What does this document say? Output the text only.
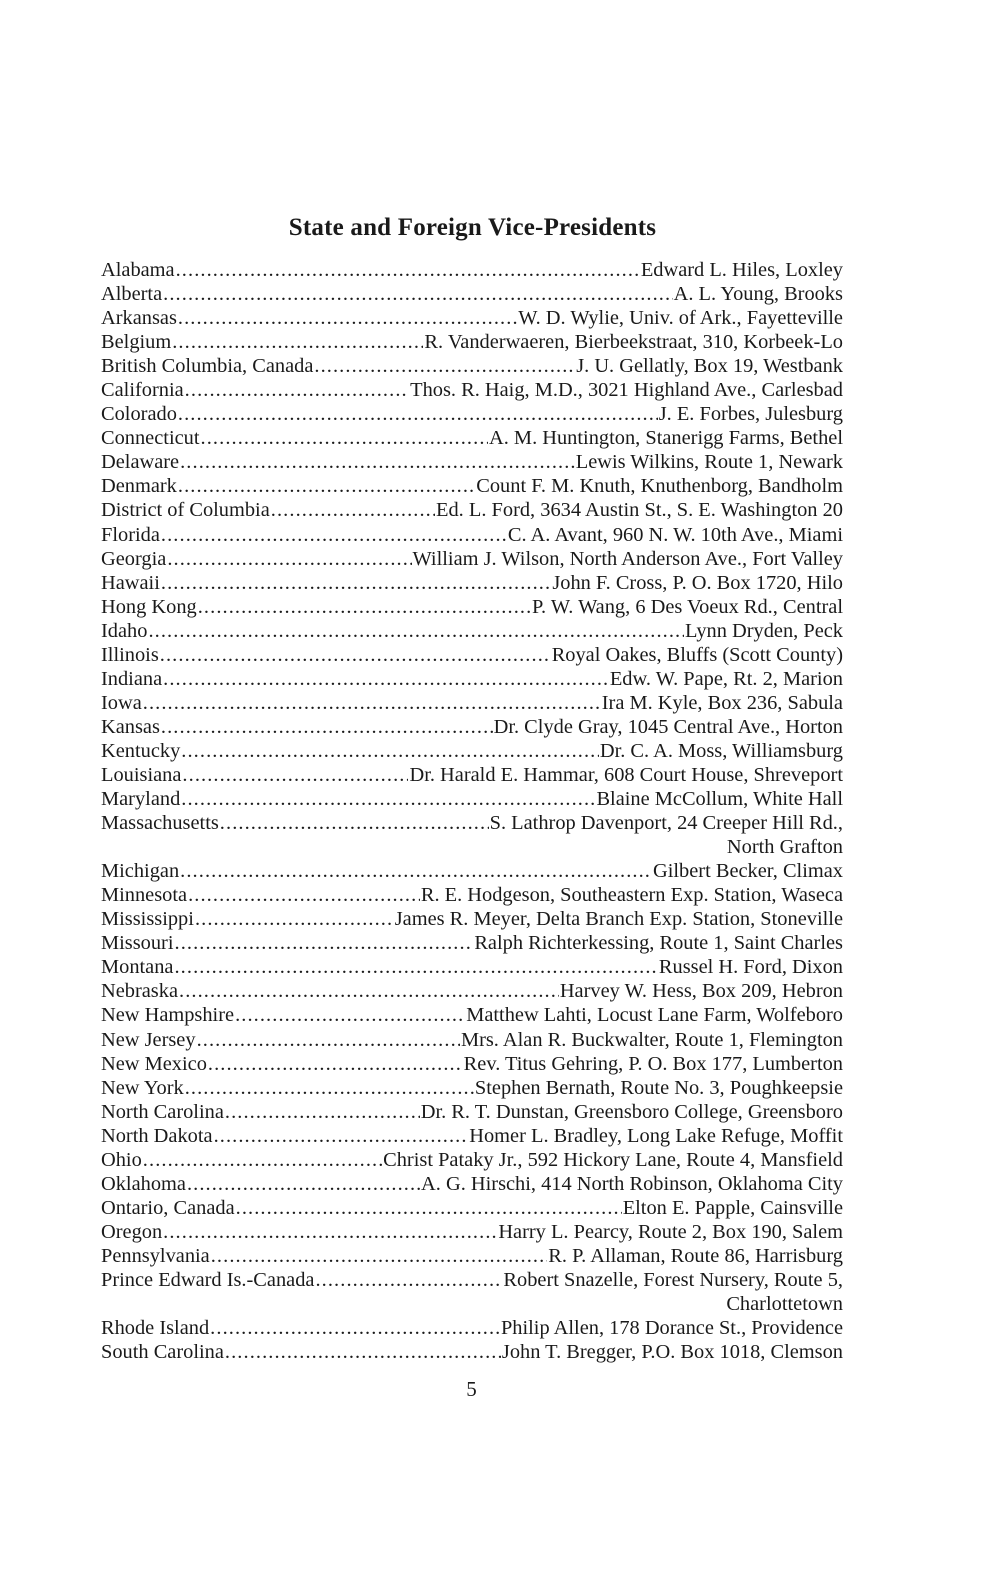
State and Foreign Vice-Presidents
Alabama . . .	Edward L. Hiles, Loxley
Alberta . . .	A. L. Young, Brooks
Arkansas . . .	W. D. Wylie, Univ. of Ark., Fayetteville
Belgium . . .	R. Vanderwaeren, Bierbeekstraat, 310, Korbeek-Lo
British Columbia, Canada . . .	J. U. Gellatly, Box 19, Westbank
California . . .	Thos. R. Haig, M.D., 3021 Highland Ave., Carlesbad
Colorado . . .	J. E. Forbes, Julesburg
Connecticut . . .	A. M. Huntington, Stanerigg Farms, Bethel
Delaware . . .	Lewis Wilkins, Route 1, Newark
Denmark . . .	Count F. M. Knuth, Knuthenborg, Bandholm
District of Columbia . . .	Ed. L. Ford, 3634 Austin St., S. E. Washington 20
Florida . . .	C. A. Avant, 960 N. W. 10th Ave., Miami
Georgia . . .	William J. Wilson, North Anderson Ave., Fort Valley
Hawaii . . .	John F. Cross, P. O. Box 1720, Hilo
Hong Kong . . .	P. W. Wang, 6 Des Voeux Rd., Central
Idaho . . .	Lynn Dryden, Peck
Illinois . . .	Royal Oakes, Bluffs (Scott County)
Indiana . . .	Edw. W. Pape, Rt. 2, Marion
Iowa . . .	Ira M. Kyle, Box 236, Sabula
Kansas . . .	Dr. Clyde Gray, 1045 Central Ave., Horton
Kentucky . . .	Dr. C. A. Moss, Williamsburg
Louisiana . . .	Dr. Harald E. Hammar, 608 Court House, Shreveport
Maryland . . .	Blaine McCollum, White Hall
Massachusetts . . .	S. Lathrop Davenport, 24 Creeper Hill Rd.,
North Grafton
Michigan . . .	Gilbert Becker, Climax
Minnesota . . .	R. E. Hodgeson, Southeastern Exp. Station, Waseca
Mississippi . . .	James R. Meyer, Delta Branch Exp. Station, Stoneville
Missouri . . .	Ralph Richterkessing, Route 1, Saint Charles
Montana . . .	Russel H. Ford, Dixon
Nebraska . . .	Harvey W. Hess, Box 209, Hebron
New Hampshire . . .	Matthew Lahti, Locust Lane Farm, Wolfeboro
New Jersey . . .	Mrs. Alan R. Buckwalter, Route 1, Flemington
New Mexico . . .	Rev. Titus Gehring, P. O. Box 177, Lumberton
New York . . .	Stephen Bernath, Route No. 3, Poughkeepsie
North Carolina . . .	Dr. R. T. Dunstan, Greensboro College, Greensboro
North Dakota . . .	Homer L. Bradley, Long Lake Refuge, Moffit
Ohio . . .	Christ Pataky Jr., 592 Hickory Lane, Route 4, Mansfield
Oklahoma . . .	A. G. Hirschi, 414 North Robinson, Oklahoma City
Ontario, Canada . . .	Elton E. Papple, Cainsville
Oregon . . .	Harry L. Pearcy, Route 2, Box 190, Salem
Pennsylvania . . .	R. P. Allaman, Route 86, Harrisburg
Prince Edward Is.-Canada . . .	Robert Snazelle, Forest Nursery, Route 5,
Charlottetown
Rhode Island . . .	Philip Allen, 178 Dorance St., Providence
South Carolina . . .	John T. Bregger, P.O. Box 1018, Clemson
5
